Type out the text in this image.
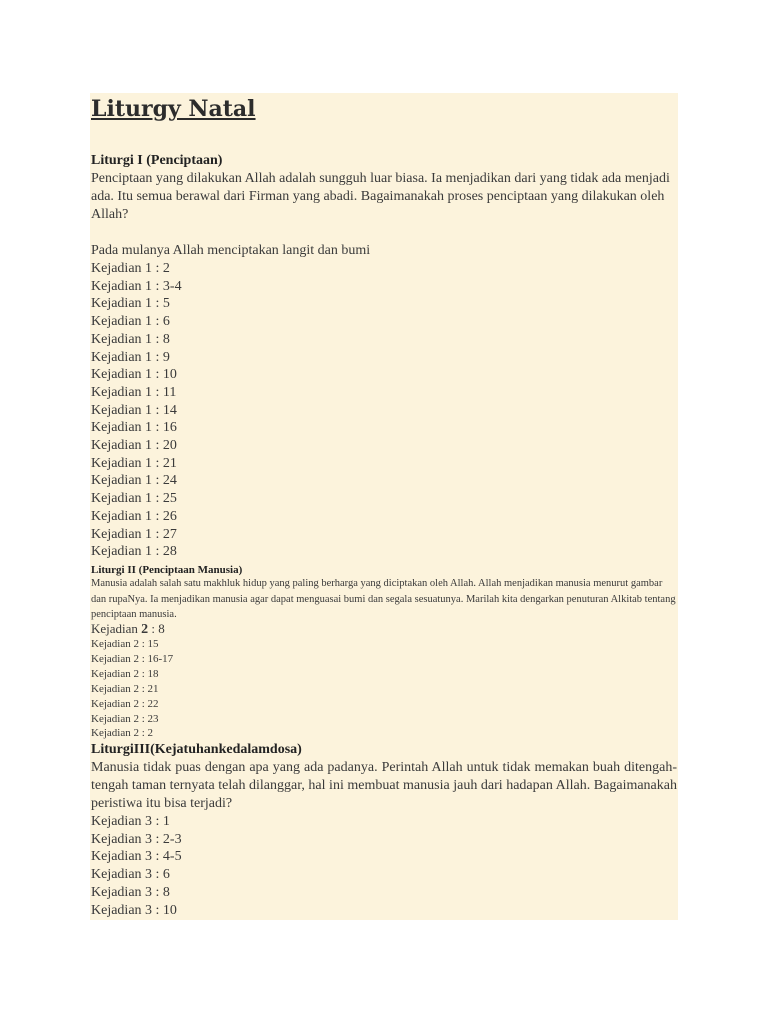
Liturgy Natal
Liturgi I (Penciptaan)
Penciptaan yang dilakukan Allah adalah sungguh luar biasa. Ia menjadikan dari yang tidak ada menjadi ada. Itu semua berawal dari Firman yang abadi. Bagaimanakah proses penciptaan yang dilakukan oleh Allah?
Pada mulanya Allah menciptakan langit dan bumi
Kejadian 1 : 2
Kejadian 1 : 3-4
Kejadian 1 : 5
Kejadian 1 : 6
Kejadian 1 : 8
Kejadian 1 : 9
Kejadian 1 : 10
Kejadian 1 : 11
Kejadian 1 : 14
Kejadian 1 : 16
Kejadian 1 : 20
Kejadian 1 : 21
Kejadian 1 : 24
Kejadian 1 : 25
Kejadian 1 : 26
Kejadian 1 : 27
Kejadian 1 : 28
Liturgi II (Penciptaan Manusia)
Manusia adalah salah satu makhluk hidup yang paling berharga yang diciptakan oleh Allah. Allah menjadikan manusia menurut gambar dan rupaNya. Ia menjadikan manusia agar dapat menguasai bumi dan segala sesuatunya. Marilah kita dengarkan penuturan Alkitab tentang penciptaan manusia.
Kejadian 2 : 8
Kejadian 2 : 15
Kejadian 2 : 16-17
Kejadian 2 : 18
Kejadian 2 : 21
Kejadian 2 : 22
Kejadian 2 : 23
Kejadian 2 : 2
LiturgiIII(Kejatuhankedalamdosa)
Manusia tidak puas dengan apa yang ada padanya. Perintah Allah untuk tidak memakan buah ditengah-tengah taman ternyata telah dilanggar, hal ini membuat manusia jauh dari hadapan Allah. Bagaimanakah peristiwa itu bisa terjadi?
Kejadian 3 : 1
Kejadian 3 : 2-3
Kejadian 3 : 4-5
Kejadian 3 : 6
Kejadian 3 : 8
Kejadian 3 : 10
